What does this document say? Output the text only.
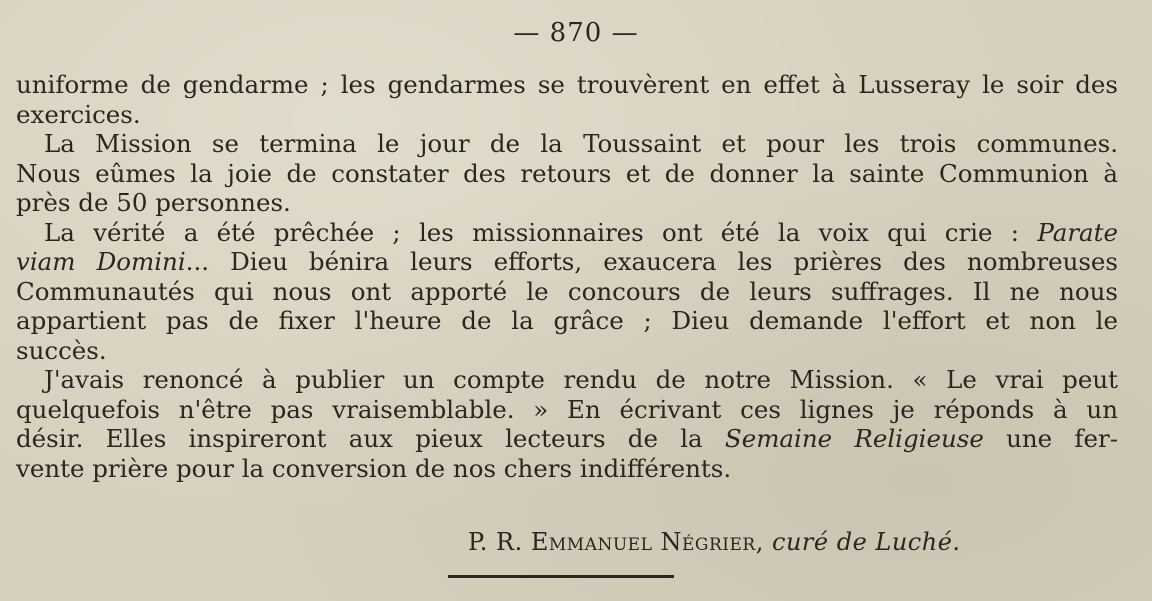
— 870 —

uniforme de gendarme ; les gendarmes se trouvèrent en effet à Lusseray le soir des
exercices.

La Mission se termina le jour de la Toussaint et pour les trois communes.
Nous eûmes la joie de constater des retours et de donner la sainte Communion à
près de 50 personnes.

La vérité a été prêchée ; les missionnaires ont été la voix qui crie : Parate
viam Domini... Dieu bénira leurs efforts, exaucera les prières des nombreuses
Communautés qui nous ont apporté le concours de leurs suffrages. Il ne nous
appartient pas de fixer l'heure de la grâce ; Dieu demande l'effort et non le
succès.

J'avais renoncé à publier un compte rendu de notre Mission. « Le vrai peut
quelquefois n'être pas vraisemblable. » En écrivant ces lignes je réponds à un
désir. Elles inspireront aux pieux lecteurs de la Semaine Religieuse une fer-
vente prière pour la conversion de nos chers indifférents.

P. R. Emmanuel Négrier, curé de Luché.
